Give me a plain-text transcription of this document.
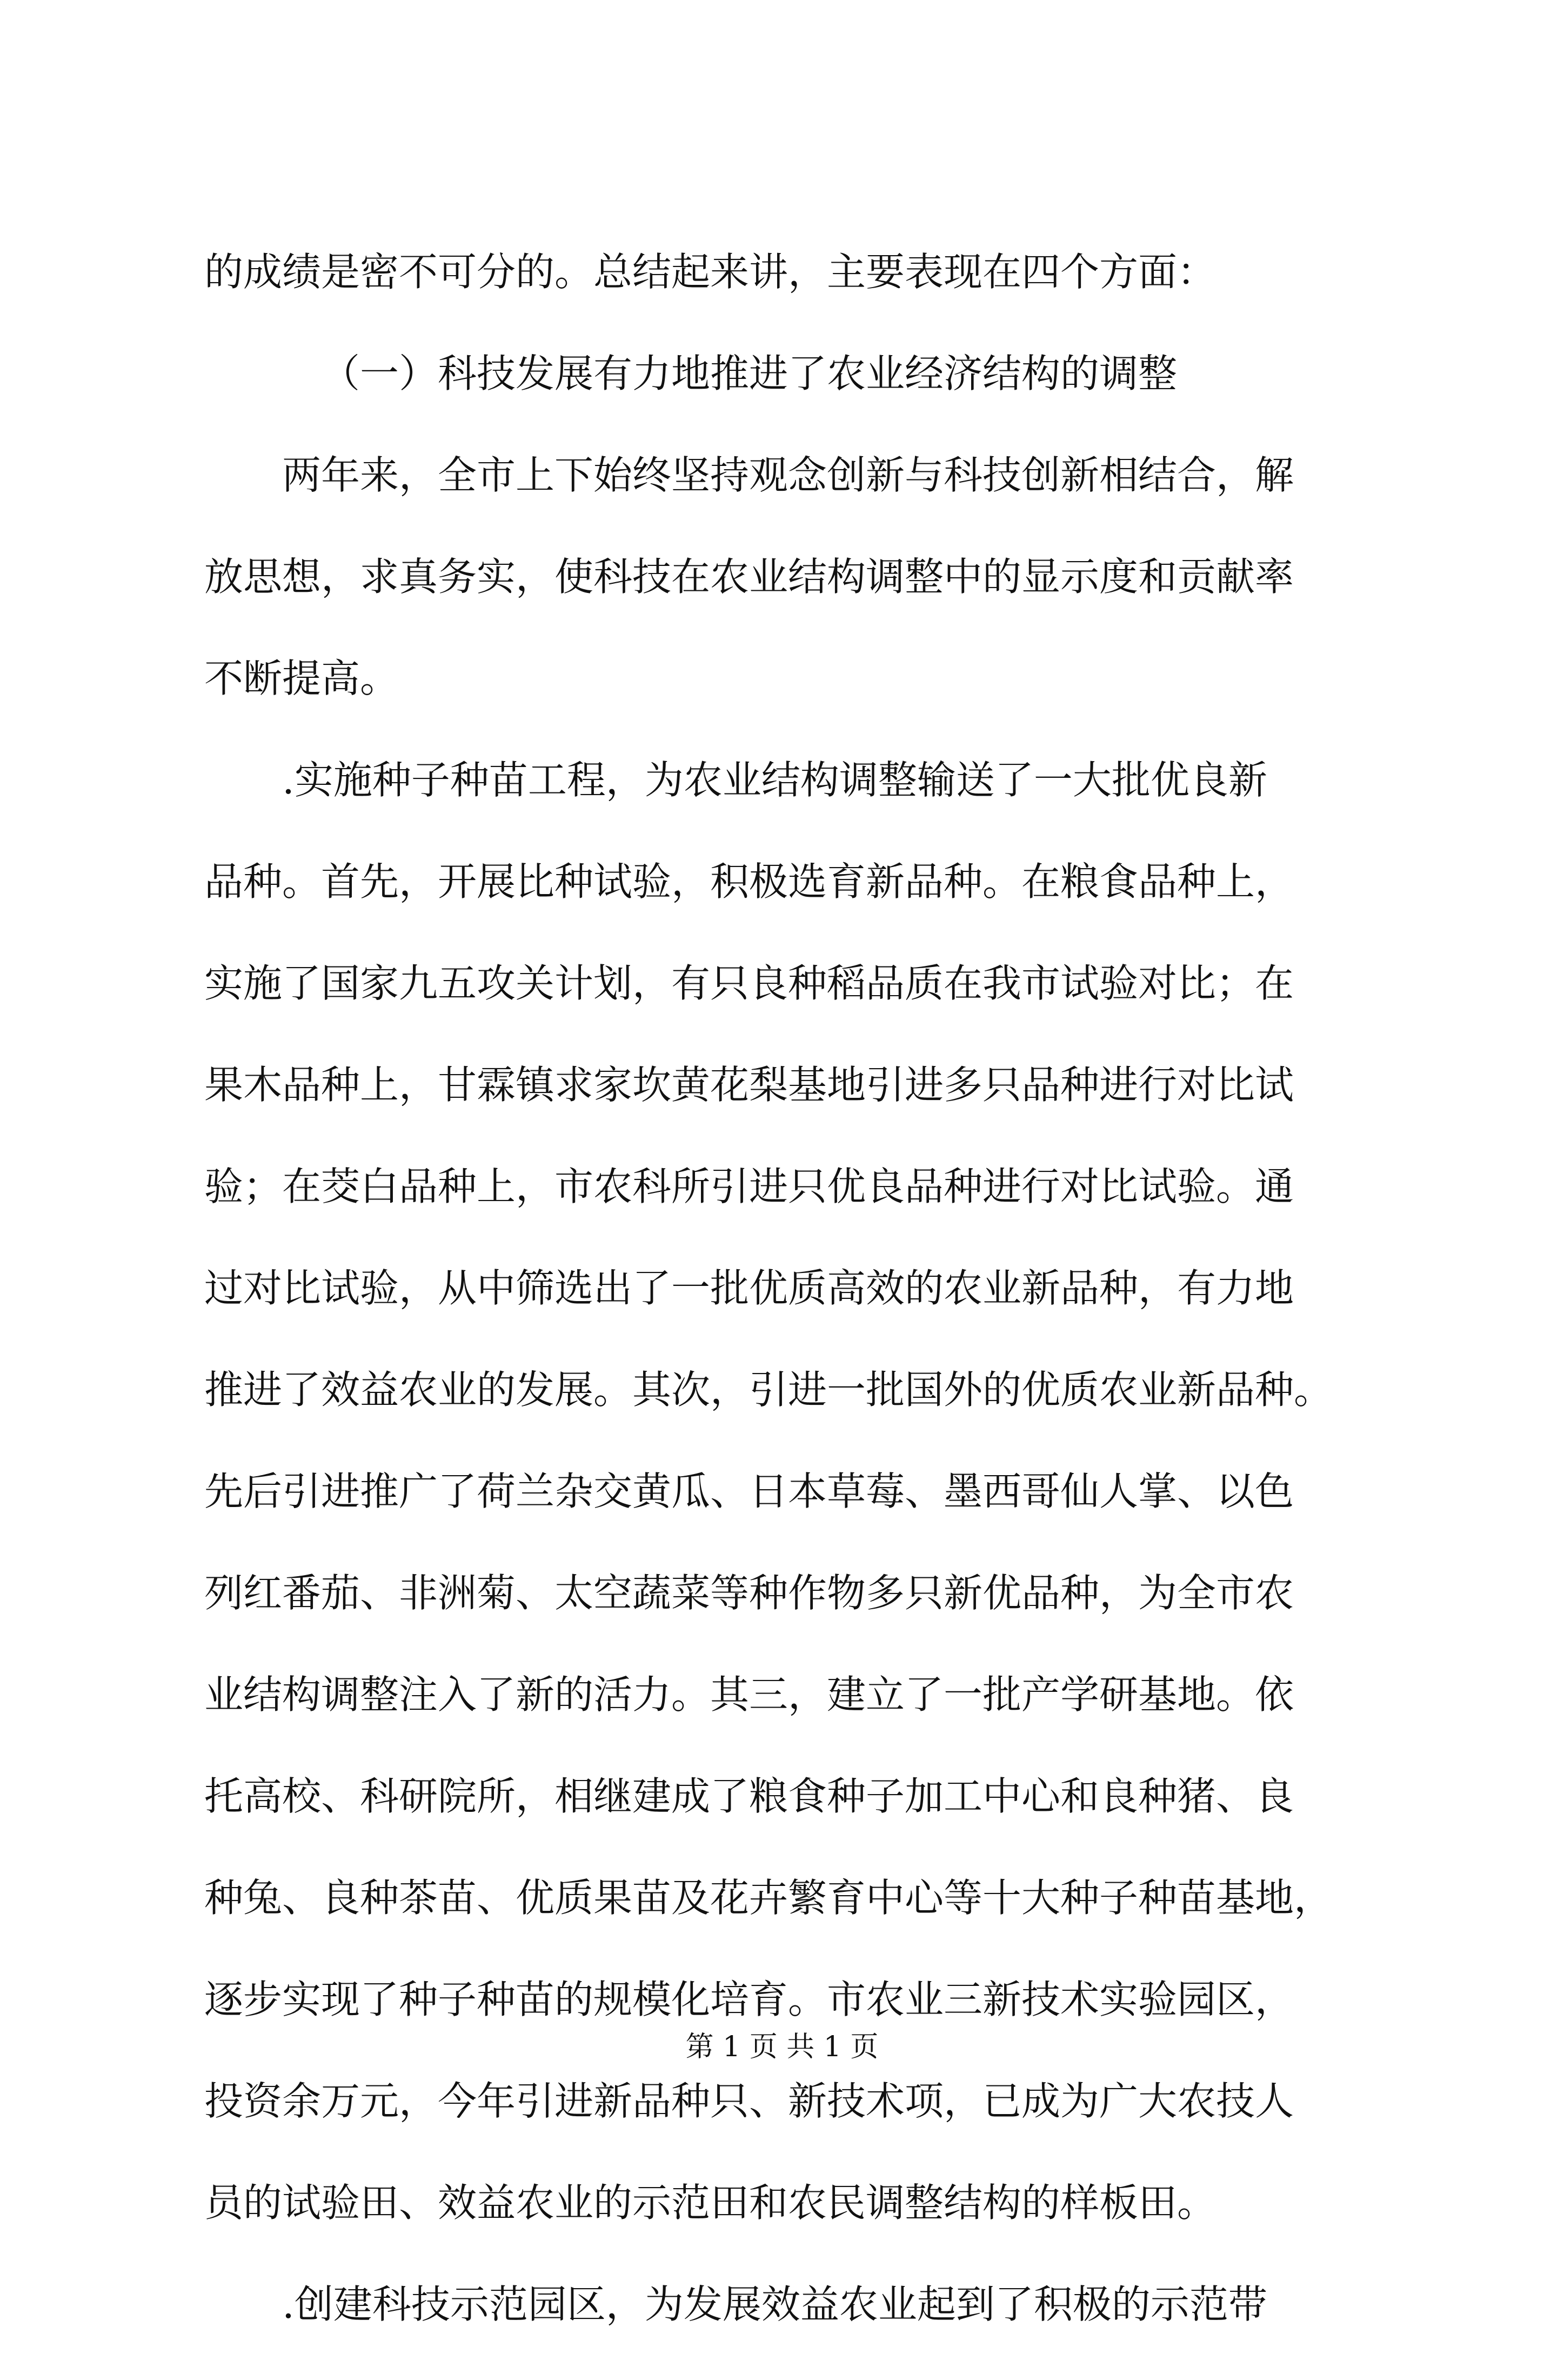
的成绩是密不可分的。总结起来讲，主要表现在四个方面：
（一）科技发展有力地推进了农业经济结构的调整
两年来，全市上下始终坚持观念创新与科技创新相结合，解
放思想，求真务实，使科技在农业结构调整中的显示度和贡献率
不断提高。
.实施种子种苗工程，为农业结构调整输送了一大批优良新
品种。首先，开展比种试验，积极选育新品种。在粮食品种上，
实施了国家九五攻关计划，有只良种稻品质在我市试验对比；在
果木品种上，甘霖镇求家坎黄花梨基地引进多只品种进行对比试
验；在茭白品种上，市农科所引进只优良品种进行对比试验。通
过对比试验，从中筛选出了一批优质高效的农业新品种，有力地
推进了效益农业的发展。其次，引进一批国外的优质农业新品种。
先后引进推广了荷兰杂交黄瓜、日本草莓、墨西哥仙人掌、以色
列红番茄、非洲菊、太空蔬菜等种作物多只新优品种，为全市农
业结构调整注入了新的活力。其三，建立了一批产学研基地。依
托高校、科研院所，相继建成了粮食种子加工中心和良种猪、良
种兔、良种茶苗、优质果苗及花卉繁育中心等十大种子种苗基地，
逐步实现了种子种苗的规模化培育。市农业三新技术实验园区，
投资余万元，今年引进新品种只、新技术项，已成为广大农技人
员的试验田、效益农业的示范田和农民调整结构的样板田。
.创建科技示范园区，为发展效益农业起到了积极的示范带
第 1 页 共 1 页
